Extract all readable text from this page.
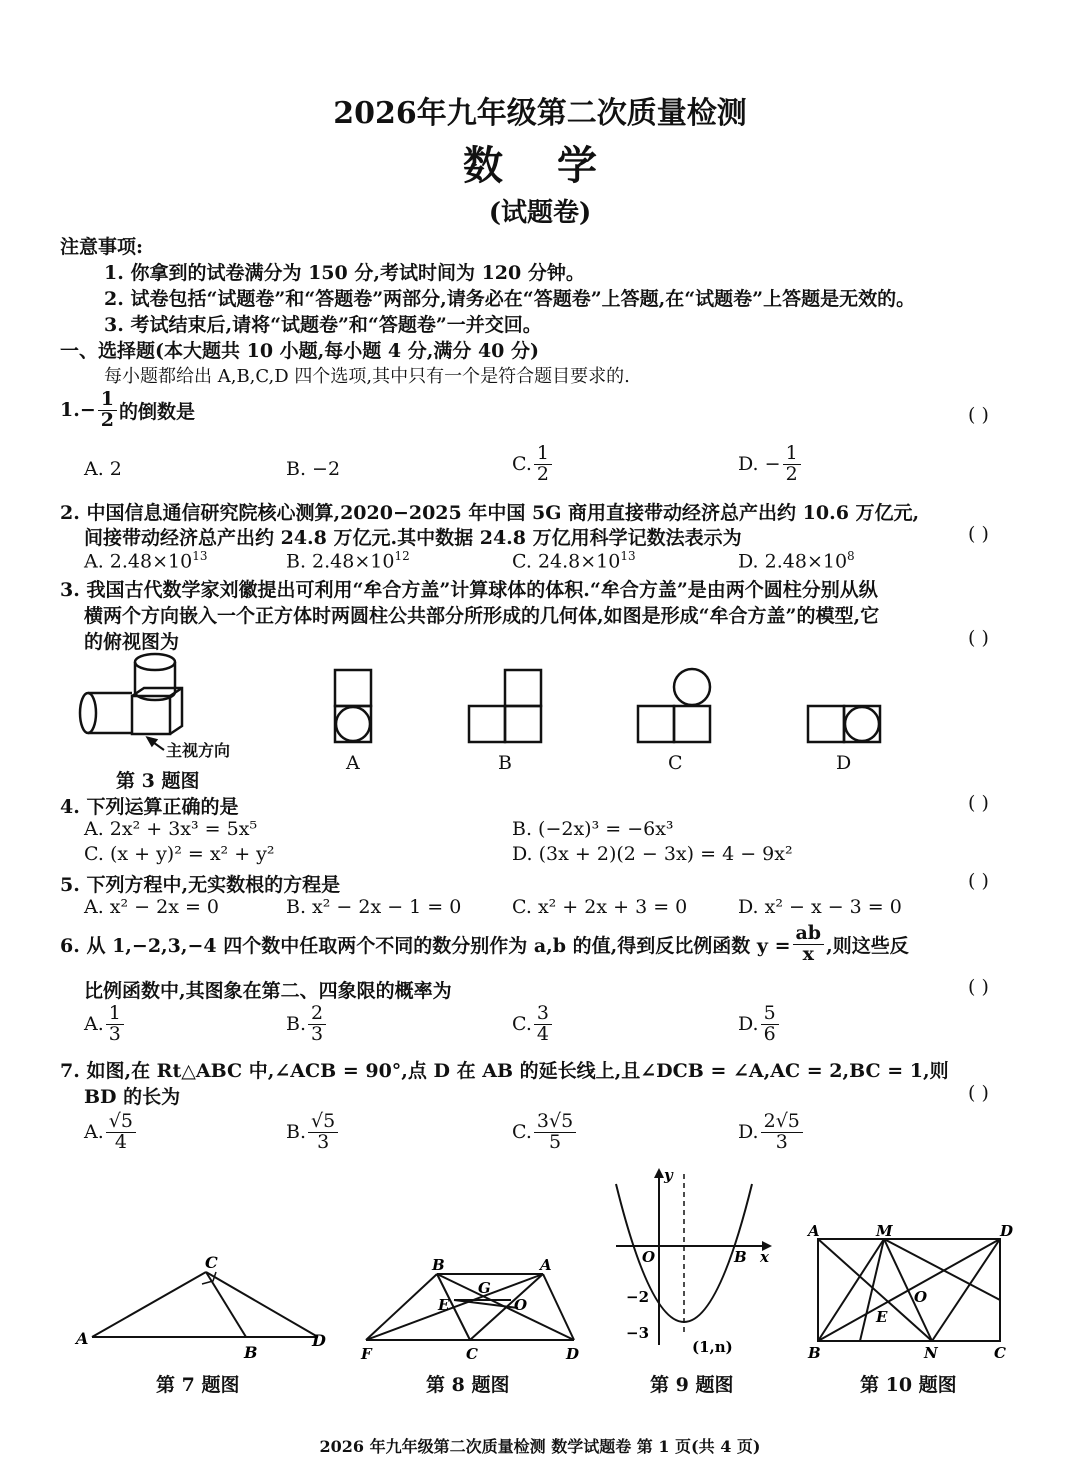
2026年九年级第二次质量检测
数 学
(试题卷)
注意事项:
1. 你拿到的试卷满分为 150 分,考试时间为 120 分钟。
2. 试卷包括“试题卷”和“答题卷”两部分,请务必在“答题卷”上答题,在“试题卷”上答题是无效的。
3. 考试结束后,请将“试题卷”和“答题卷”一并交回。
一、选择题(本大题共 10 小题,每小题 4 分,满分 40 分)
每小题都给出 A,B,C,D 四个选项,其中只有一个是符合题目要求的.
1. − $\frac{1}{2}$ 的倒数是	( )
A. 2	B. −2	C. $\frac{1}{2}$	D. − $\frac{1}{2}$
2. 中国信息通信研究院核心测算,2020−2025 年中国 5G 商用直接带动经济总产出约 10.6 万亿元,
间接带动经济总产出约 24.8 万亿元.其中数据 24.8 万亿用科学记数法表示为	( )
A. $2.48\times 10^{13}$	B. $2.48\times 10^{12}$	C. $24.8\times 10^{13}$	D. $2.48\times 10^8$
3. 我国古代数学家刘徽提出可利用“牟合方盖”计算球体的体积.“牟合方盖”是由两个圆柱分别从纵
横两个方向嵌入一个正方体时两圆柱公共部分所形成的几何体,如图是形成“牟合方盖”的模型,它
的俯视图为	( )
主视方向
第 3 题图
A	B	C	D
4. 下列运算正确的是	( )
A. 2x² + 3x³ = 5x⁵	B. (−2x)³ = −6x³
C. (x + y)² = x² + y²	D. (3x + 2)(2 − 3x) = 4 − 9x²
5. 下列方程中,无实数根的方程是	( )
A. x² − 2x = 0	B. x² − 2x − 1 = 0	C. x² + 2x + 3 = 0	D. x² − x − 3 = 0
6. 从 1,−2,3,−4 四个数中任取两个不同的数分别作为 a,b 的值,得到反比例函数 $y = \frac{ab}{x}$ ,则这些反
比例函数中,其图象在第二、四象限的概率为	( )
A. $\frac{1}{3}$	B. $\frac{2}{3}$	C. $\frac{3}{4}$	D. $\frac{5}{6}$
7. 如图,在 Rt△ABC 中,∠ACB = 90°,点 D 在 AB 的延长线上,且∠DCB = ∠A,AC = 2,BC = 1,则
BD 的长为	( )
A. $\frac{√5}{4}$	B. $\frac{√5}{3}$	C. $\frac{3√5}{5}$	D. $\frac{2√5}{3}$
C
A
B
D
B	A
G
E	O
F	C	D
y
O	B x
−2
−3
(1,n)
A	M	D
O
E
B	N	C
第 7 题图	第 8 题图	第 9 题图	第 10 题图
2026 年九年级第二次质量检测 数学试题卷 第 1 页(共 4 页)
